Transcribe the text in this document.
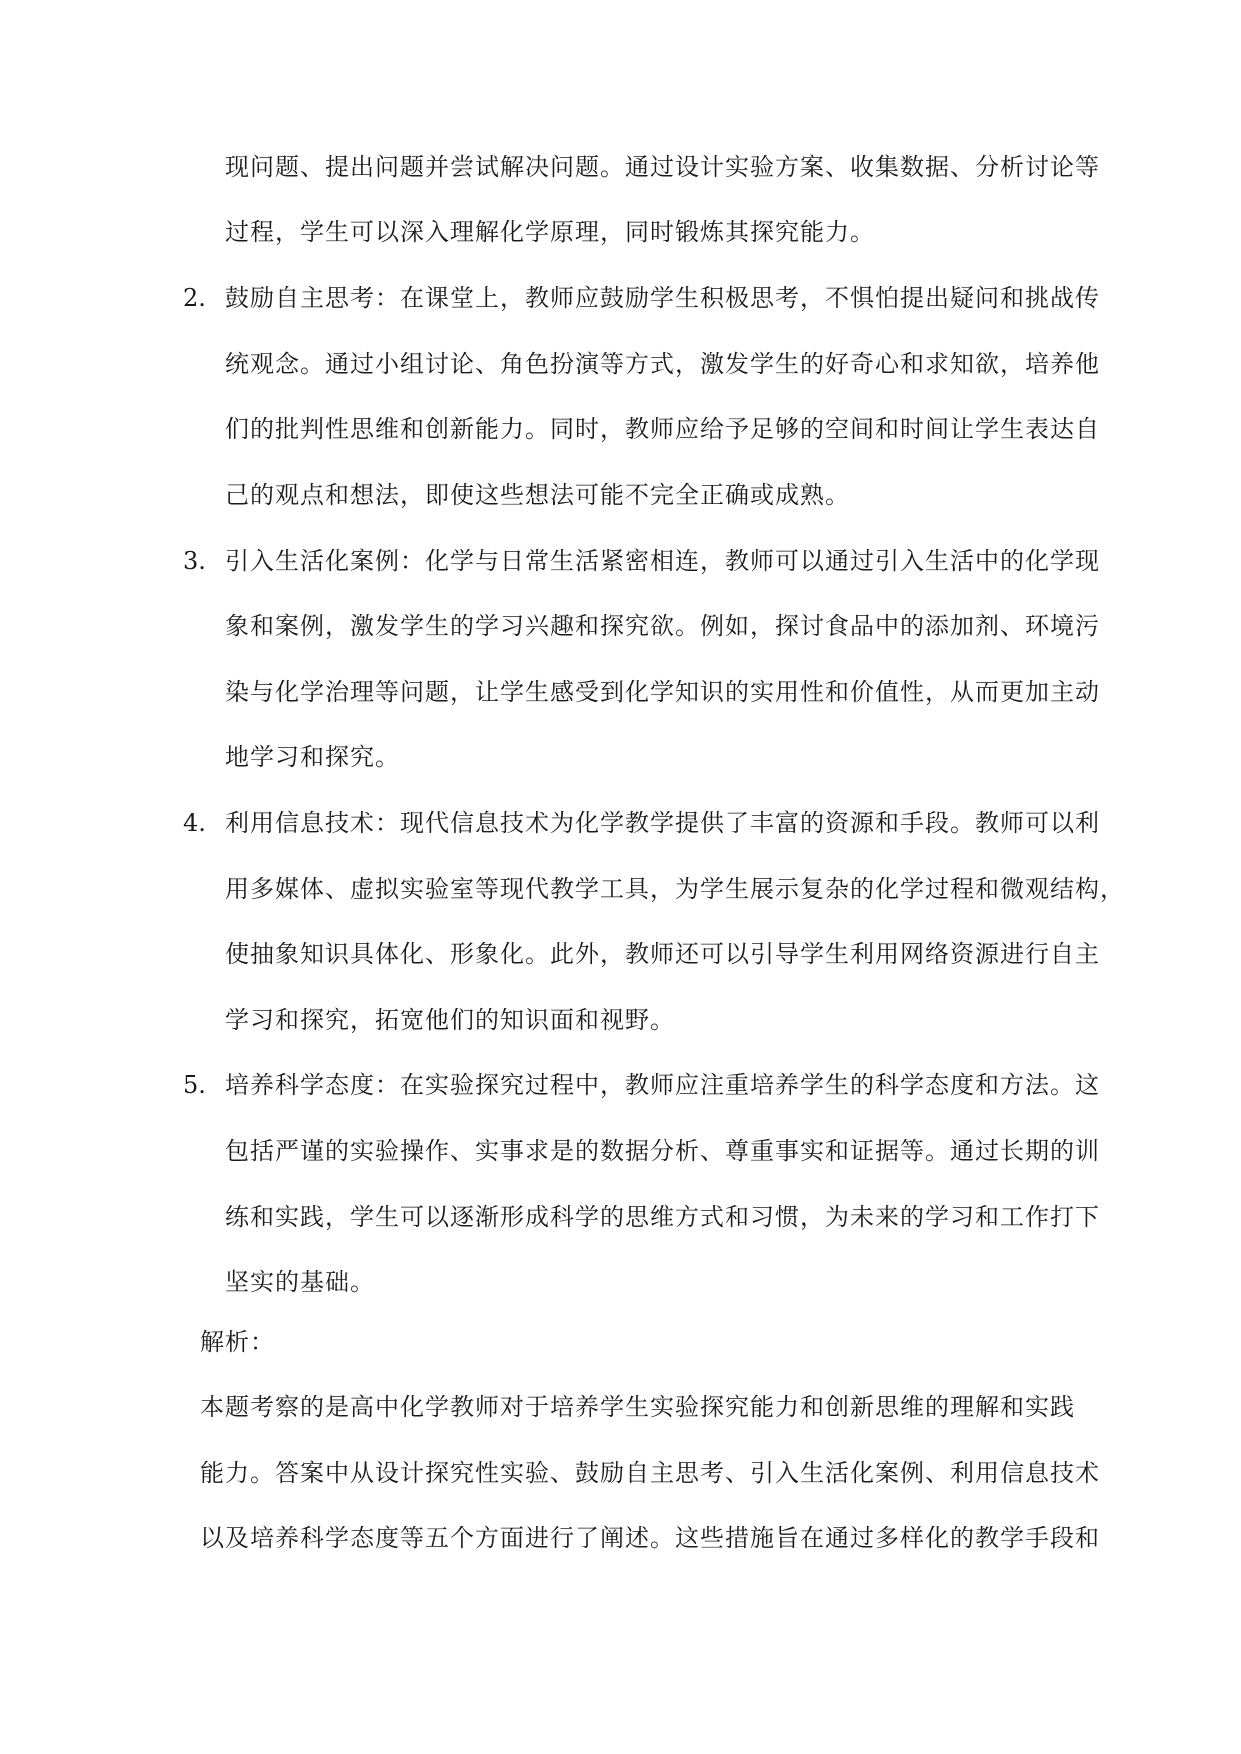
现问题、提出问题并尝试解决问题。通过设计实验方案、收集数据、分析讨论等
过程，学生可以深入理解化学原理，同时锻炼其探究能力。
2. 鼓励自主思考：在课堂上，教师应鼓励学生积极思考，不惧怕提出疑问和挑战传
统观念。通过小组讨论、角色扮演等方式，激发学生的好奇心和求知欲，培养他
们的批判性思维和创新能力。同时，教师应给予足够的空间和时间让学生表达自
己的观点和想法，即使这些想法可能不完全正确或成熟。
3. 引入生活化案例：化学与日常生活紧密相连，教师可以通过引入生活中的化学现
象和案例，激发学生的学习兴趣和探究欲。例如，探讨食品中的添加剂、环境污
染与化学治理等问题，让学生感受到化学知识的实用性和价值性，从而更加主动
地学习和探究。
4. 利用信息技术：现代信息技术为化学教学提供了丰富的资源和手段。教师可以利
用多媒体、虚拟实验室等现代教学工具，为学生展示复杂的化学过程和微观结构，
使抽象知识具体化、形象化。此外，教师还可以引导学生利用网络资源进行自主
学习和探究，拓宽他们的知识面和视野。
5. 培养科学态度：在实验探究过程中，教师应注重培养学生的科学态度和方法。这
包括严谨的实验操作、实事求是的数据分析、尊重事实和证据等。通过长期的训
练和实践，学生可以逐渐形成科学的思维方式和习惯，为未来的学习和工作打下
坚实的基础。
解析：
本题考察的是高中化学教师对于培养学生实验探究能力和创新思维的理解和实践
能力。答案中从设计探究性实验、鼓励自主思考、引入生活化案例、利用信息技术
以及培养科学态度等五个方面进行了阐述。这些措施旨在通过多样化的教学手段和
